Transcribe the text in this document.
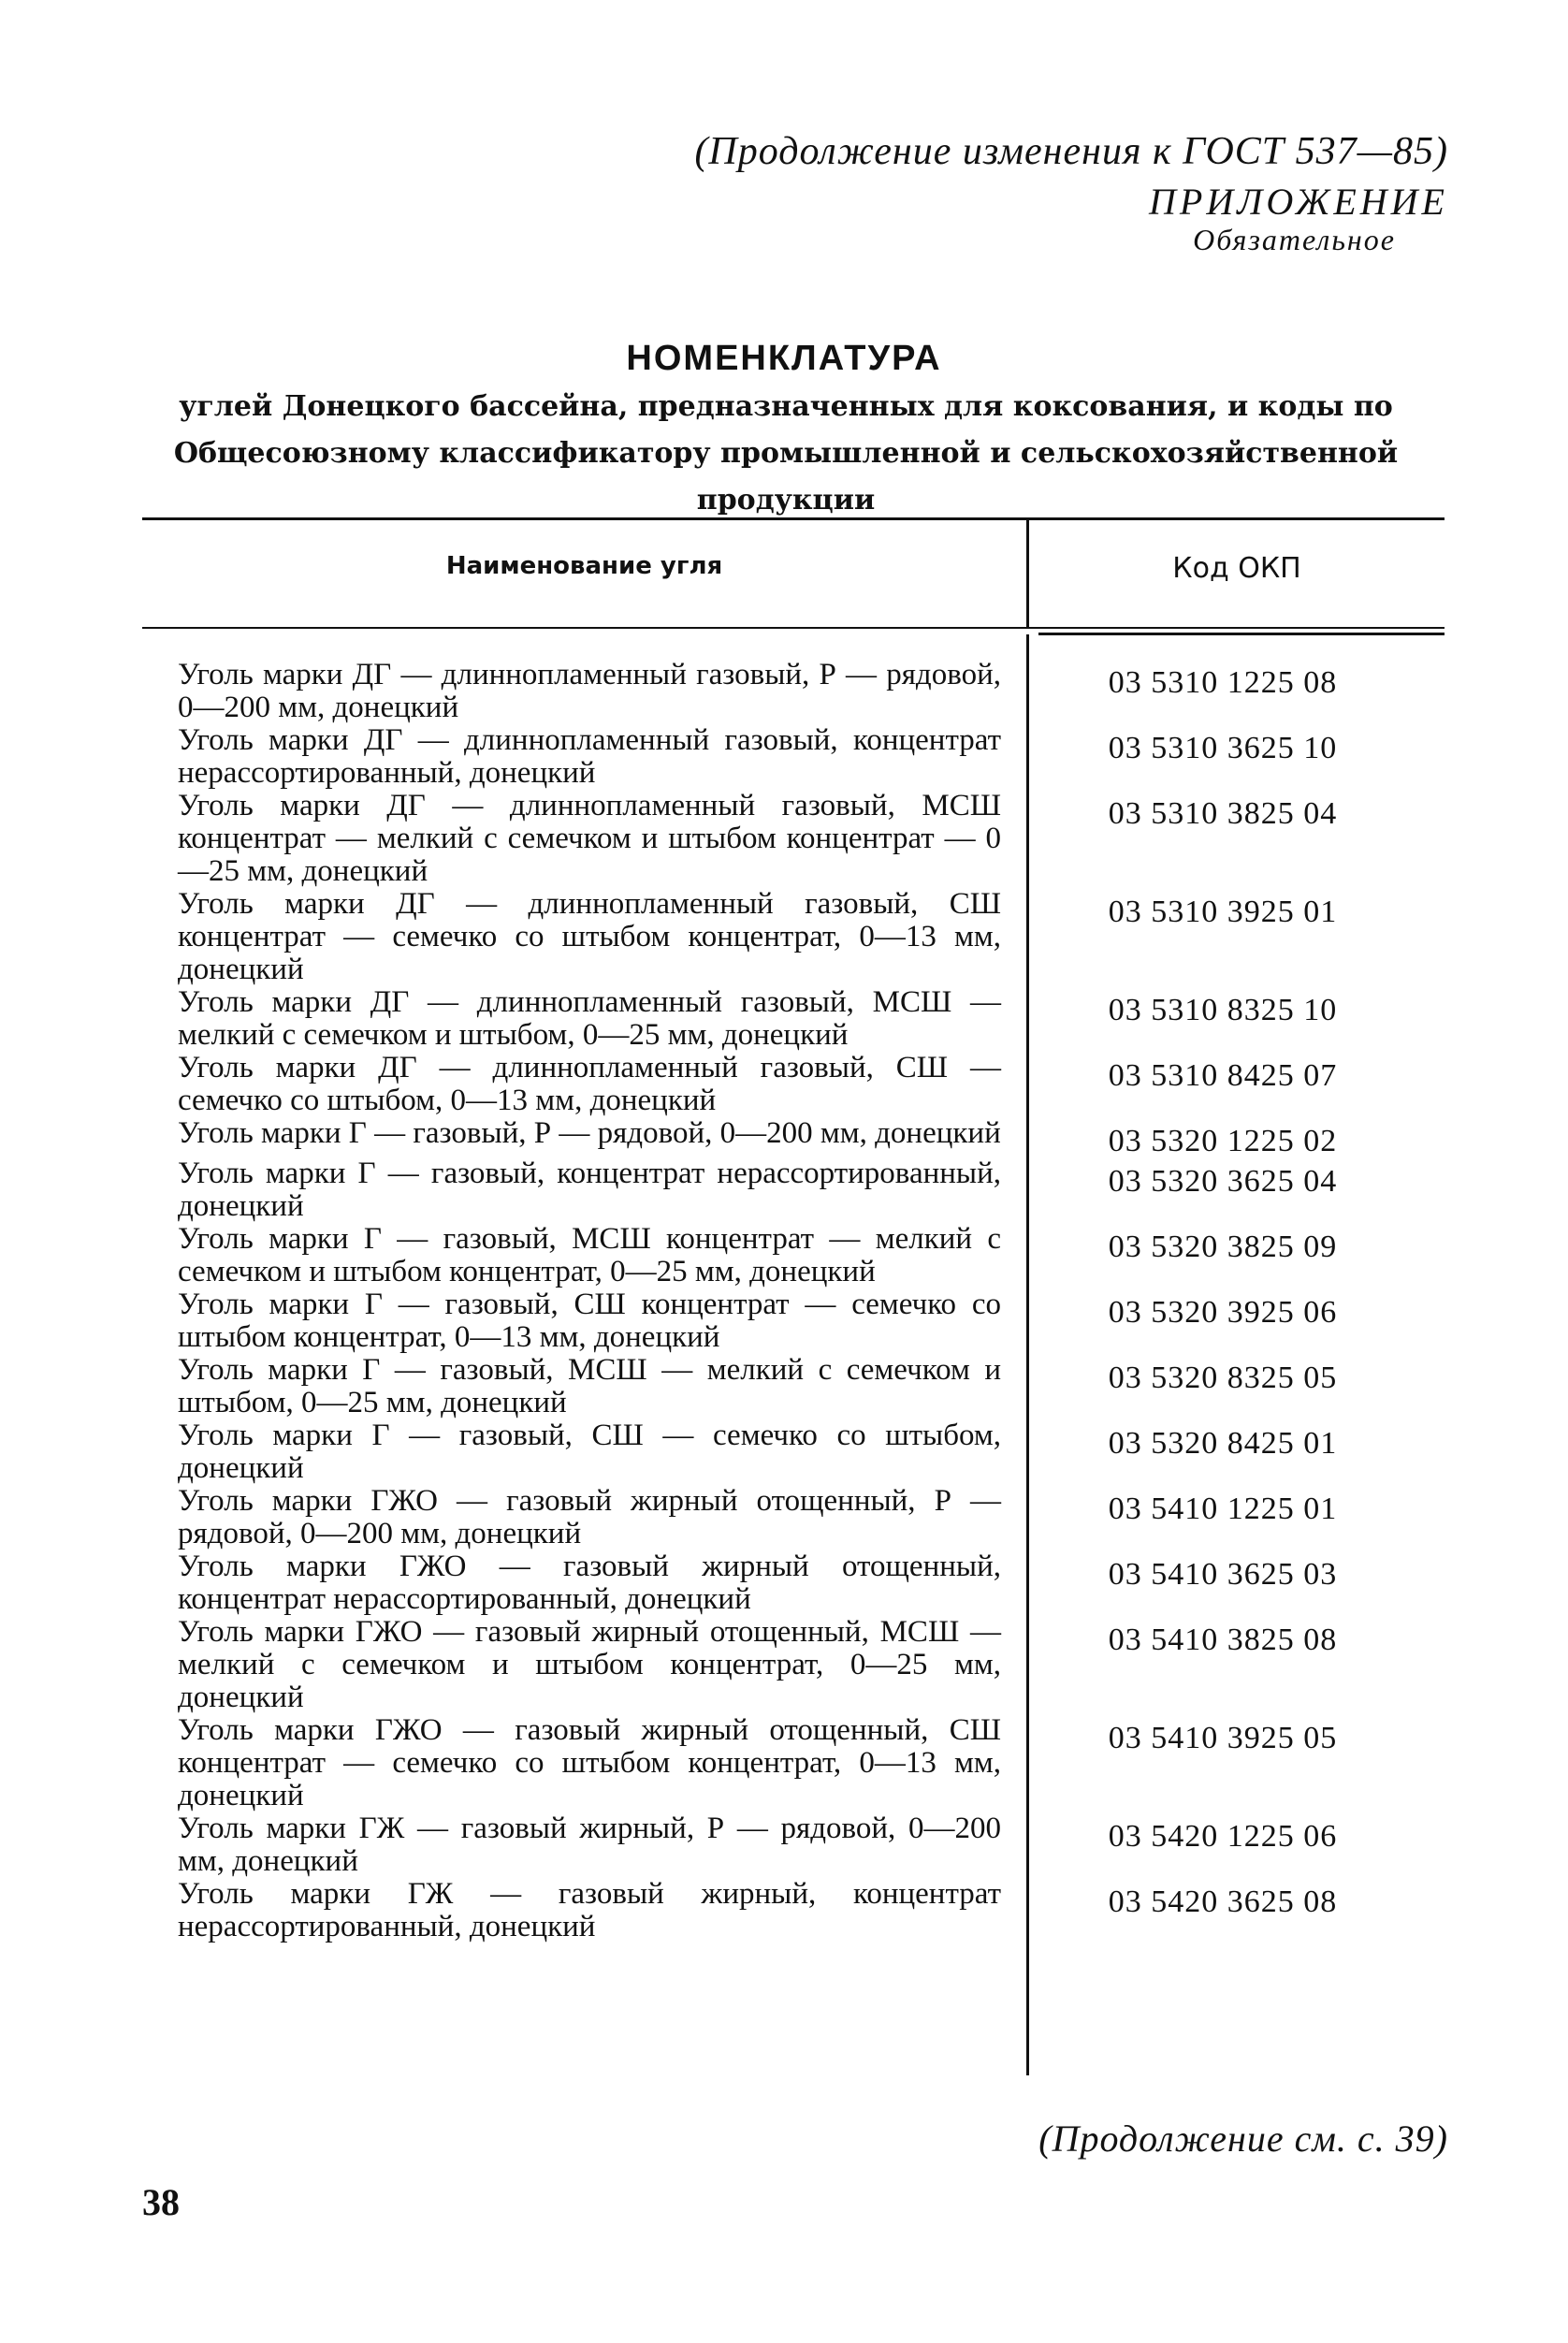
(Продолжение изменения к ГОСТ 537—85)
ПРИЛОЖЕНИЕ
Обязательное
НОМЕНКЛАТУРА
углей Донецкого бассейна, предназначенных для коксования, и коды по Общесоюзному классификатору промышленной и сельскохозяйственной продукции
Наименование угля	Код ОКП
Уголь марки ДГ — длиннопламенный газовый, Р — рядовой, 0—200 мм, донецкий
03 5310 1225 08
Уголь марки ДГ — длиннопламенный газовый, концентрат нерассортированный, донецкий
03 5310 3625 10
Уголь марки ДГ — длиннопламенный газовый, МСШ концентрат — мелкий с семечком и штыбом концентрат — 0—25 мм, донецкий
03 5310 3825 04
Уголь марки ДГ — длиннопламенный газовый, СШ концентрат — семечко со штыбом концентрат, 0—13 мм, донецкий
03 5310 3925 01
Уголь марки ДГ — длиннопламенный газовый, МСШ — мелкий с семечком и штыбом, 0—25 мм, донецкий
03 5310 8325 10
Уголь марки ДГ — длиннопламенный газовый, СШ — семечко со штыбом, 0—13 мм, донецкий
03 5310 8425 07
Уголь марки Г — газовый, Р — рядовой, 0—200 мм, донецкий	03 5320 1225 02
Уголь марки Г — газовый, концентрат нерассортированный, донецкий
03 5320 3625 04
Уголь марки Г — газовый, МСШ концентрат — мелкий с семечком и штыбом концентрат, 0—25 мм, донецкий
03 5320 3825 09
Уголь марки Г — газовый, СШ концентрат — семечко со штыбом концентрат, 0—13 мм, донецкий
03 5320 3925 06
Уголь марки Г — газовый, МСШ — мелкий с семечком и штыбом, 0—25 мм, донецкий
03 5320 8325 05
Уголь марки Г — газовый, СШ — семечко со штыбом, донецкий
03 5320 8425 01
Уголь марки ГЖО — газовый жирный отощенный, Р — рядовой, 0—200 мм, донецкий
03 5410 1225 01
Уголь марки ГЖО — газовый жирный отощенный, концентрат нерассортированный, донецкий
03 5410 3625 03
Уголь марки ГЖО — газовый жирный отощенный, МСШ — мелкий с семечком и штыбом концентрат, 0—25 мм, донецкий
03 5410 3825 08
Уголь марки ГЖО — газовый жирный отощенный, СШ концентрат — семечко со штыбом концентрат, 0—13 мм, донецкий
03 5410 3925 05
Уголь марки ГЖ — газовый жирный, Р — рядовой, 0—200 мм, донецкий
03 5420 1225 06
Уголь марки ГЖ — газовый жирный, концентрат нерассортированный, донецкий
03 5420 3625 08
(Продолжение см. с. 39)
38
